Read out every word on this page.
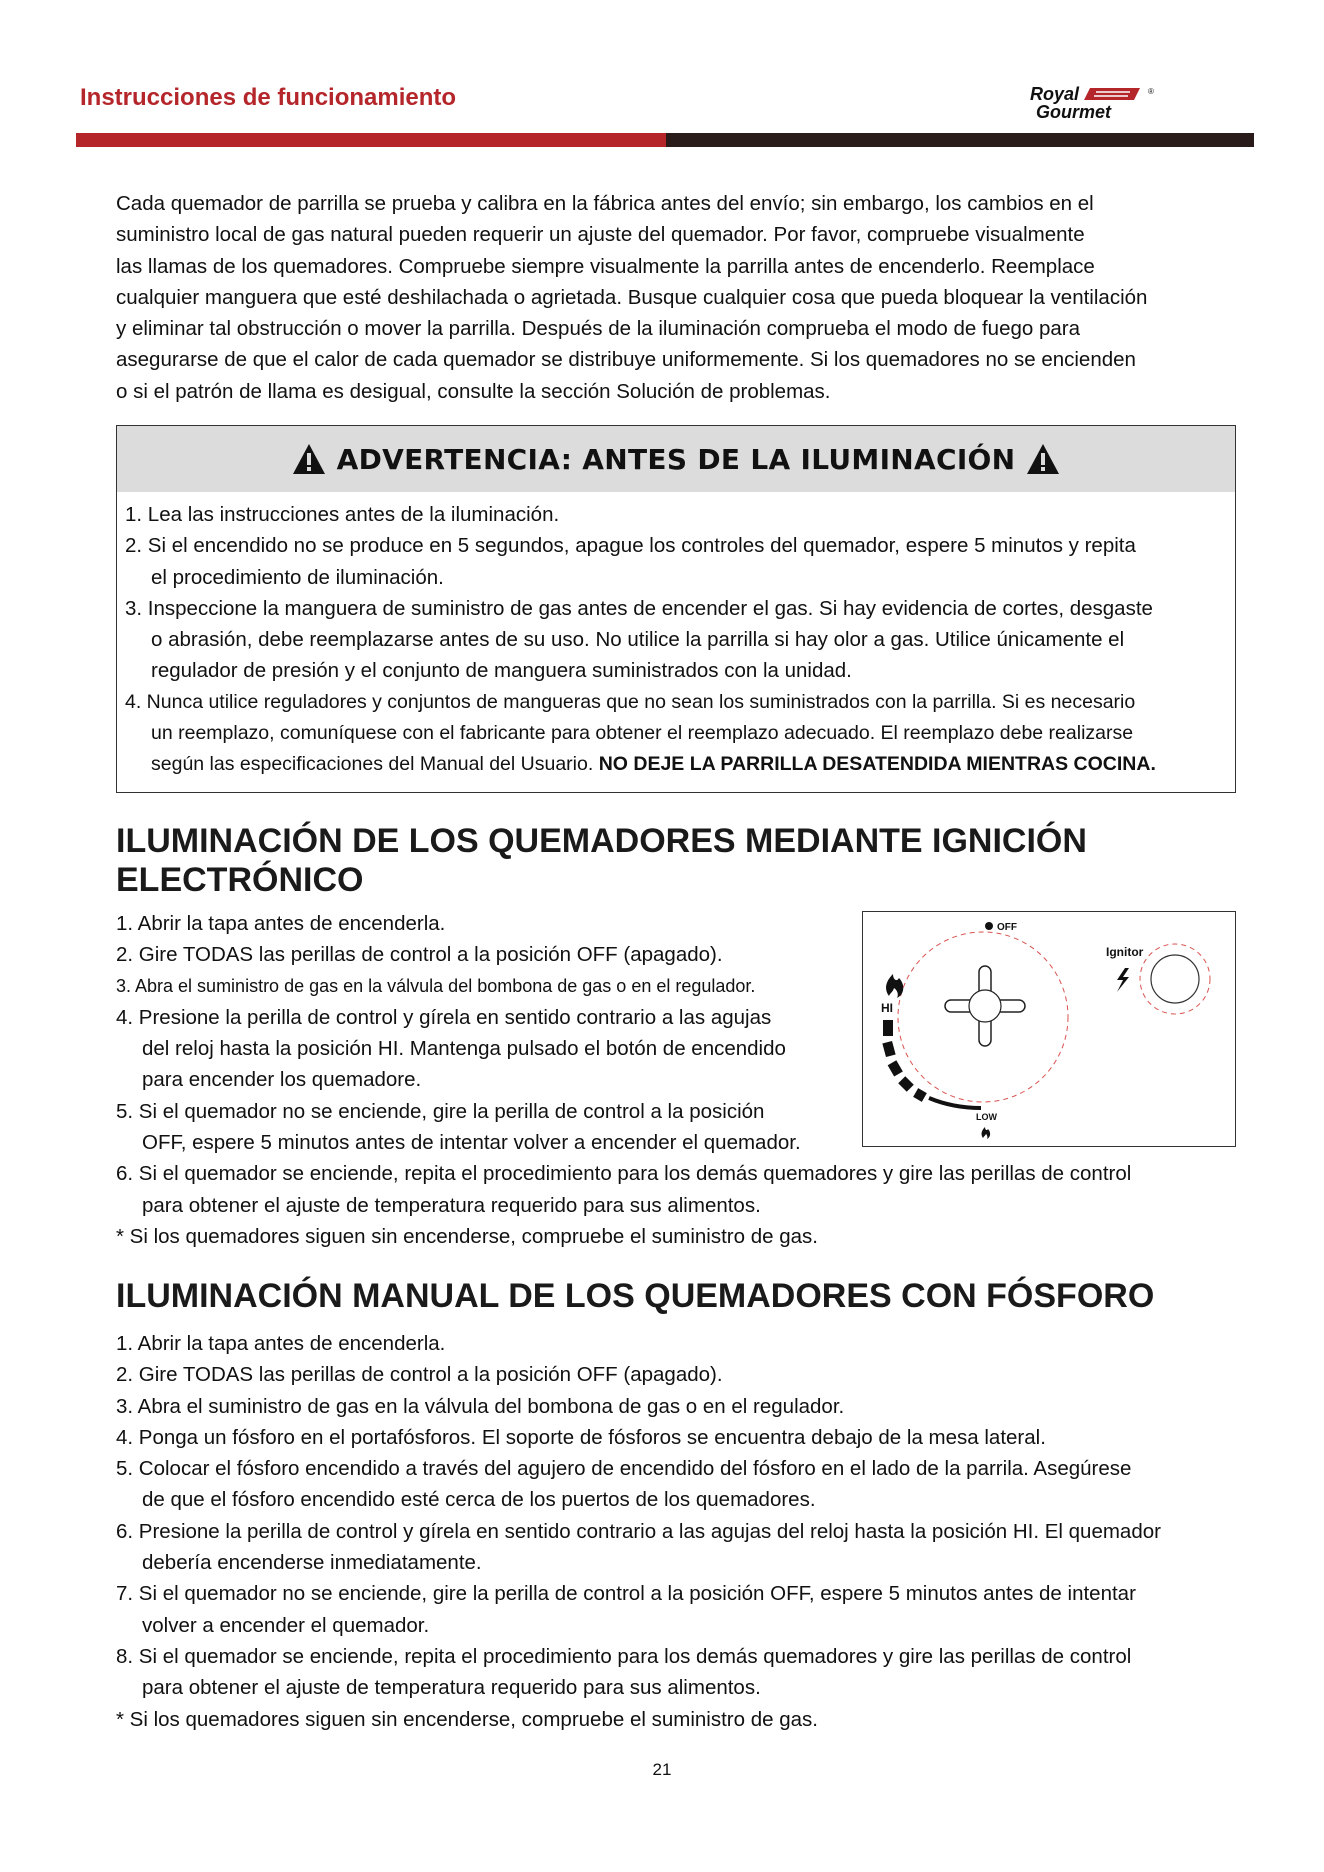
Instrucciones de funcionamiento	Royal	®
Gourmet

Cada quemador de parrilla se prueba y calibra en la fábrica antes del envío; sin embargo, los cambios en el

suministro local de gas natural pueden requerir un ajuste del quemador. Por favor, compruebe visualmente

las llamas de los quemadores. Compruebe siempre visualmente la parrilla antes de encenderlo. Reemplace

cualquier manguera que esté deshilachada o agrietada. Busque cualquier cosa que pueda bloquear la ventilación

y eliminar tal obstrucción o mover la parrilla. Después de la iluminación comprueba el modo de fuego para

asegurarse de que el calor de cada quemador se distribuye uniformemente. Si los quemadores no se encienden

o si el patrón de llama es desigual, consulte la sección Solución de problemas.

ADVERTENCIA: ANTES DE LA ILUMINACIÓN

1. Lea las instrucciones antes de la iluminación.

2. Si el encendido no se produce en 5 segundos, apague los controles del quemador, espere 5 minutos y repita

el procedimiento de iluminación.

3. Inspeccione la manguera de suministro de gas antes de encender el gas. Si hay evidencia de cortes, desgaste

o abrasión, debe reemplazarse antes de su uso. No utilice la parrilla si hay olor a gas. Utilice únicamente el

regulador de presión y el conjunto de manguera suministrados con la unidad.

4. Nunca utilice reguladores y conjuntos de mangueras que no sean los suministrados con la parrilla. Si es necesario

un reemplazo, comuníquese con el fabricante para obtener el reemplazo adecuado. El reemplazo debe realizarse

según las especificaciones del Manual del Usuario. NO DEJE LA PARRILLA DESATENDIDA MIENTRAS COCINA.

ILUMINACIÓN DE LOS QUEMADORES MEDIANTE IGNICIÓN
ELECTRÓNICO

1. Abrir la tapa antes de encenderla.

2. Gire TODAS las perillas de control a la posición OFF (apagado).

3. Abra el suministro de gas en la válvula del bombona de gas o en el regulador.

4. Presione la perilla de control y gírela en sentido contrario a las agujas

del reloj hasta la posición HI. Mantenga pulsado el botón de encendido

para encender los quemadore.

5. Si el quemador no se enciende, gire la perilla de control a la posición

OFF, espere 5 minutos antes de intentar volver a encender el quemador.

6. Si el quemador se enciende, repita el procedimiento para los demás quemadores y gire las perillas de control

para obtener el ajuste de temperatura requerido para sus alimentos.

* Si los quemadores siguen sin encenderse, compruebe el suministro de gas.

OFF
HI
LOW
Ignitor
ILUMINACIÓN MANUAL DE LOS QUEMADORES CON FÓSFORO

1. Abrir la tapa antes de encenderla.

2. Gire TODAS las perillas de control a la posición OFF (apagado).

3. Abra el suministro de gas en la válvula del bombona de gas o en el regulador.

4. Ponga un fósforo en el portafósforos. El soporte de fósforos se encuentra debajo de la mesa lateral.

5. Colocar el fósforo encendido a través del agujero de encendido del fósforo en el lado de la parrila. Asegúrese

de que el fósforo encendido esté cerca de los puertos de los quemadores.

6. Presione la perilla de control y gírela en sentido contrario a las agujas del reloj hasta la posición HI. El quemador

debería encenderse inmediatamente.

7. Si el quemador no se enciende, gire la perilla de control a la posición OFF, espere 5 minutos antes de intentar

volver a encender el quemador.

8. Si el quemador se enciende, repita el procedimiento para los demás quemadores y gire las perillas de control

para obtener el ajuste de temperatura requerido para sus alimentos.

* Si los quemadores siguen sin encenderse, compruebe el suministro de gas.

21
